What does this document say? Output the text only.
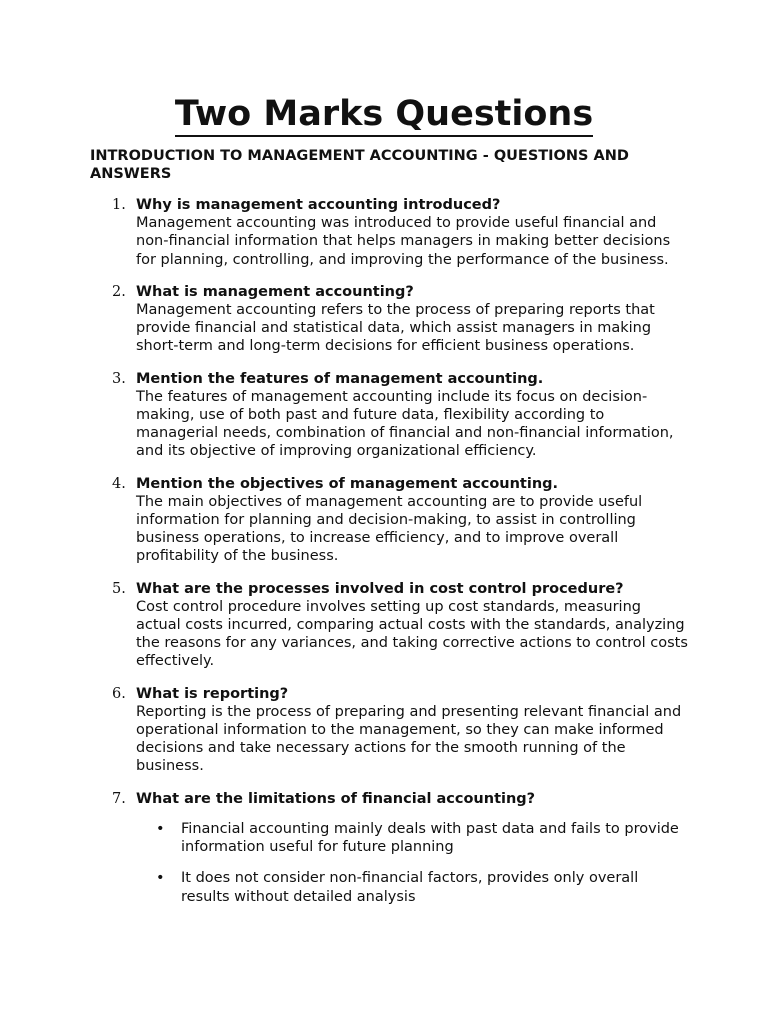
Two Marks Questions

INTRODUCTION TO MANAGEMENT ACCOUNTING - QUESTIONS AND ANSWERS

1. Why is management accounting introduced?
Management accounting was introduced to provide useful financial and non-financial information that helps managers in making better decisions for planning, controlling, and improving the performance of the business.
2. What is management accounting?
Management accounting refers to the process of preparing reports that provide financial and statistical data, which assist managers in making short-term and long-term decisions for efficient business operations.
3. Mention the features of management accounting.
The features of management accounting include its focus on decision-making, use of both past and future data, flexibility according to managerial needs, combination of financial and non-financial information, and its objective of improving organizational efficiency.
4. Mention the objectives of management accounting.
The main objectives of management accounting are to provide useful information for planning and decision-making, to assist in controlling business operations, to increase efficiency, and to improve overall profitability of the business.
5. What are the processes involved in cost control procedure?
Cost control procedure involves setting up cost standards, measuring actual costs incurred, comparing actual costs with the standards, analyzing the reasons for any variances, and taking corrective actions to control costs effectively.
6. What is reporting?
Reporting is the process of preparing and presenting relevant financial and operational information to the management, so they can make informed decisions and take necessary actions for the smooth running of the business.
7. What are the limitations of financial accounting?
• Financial accounting mainly deals with past data and fails to provide information useful for future planning
• It does not consider non-financial factors, provides only overall results without detailed analysis
